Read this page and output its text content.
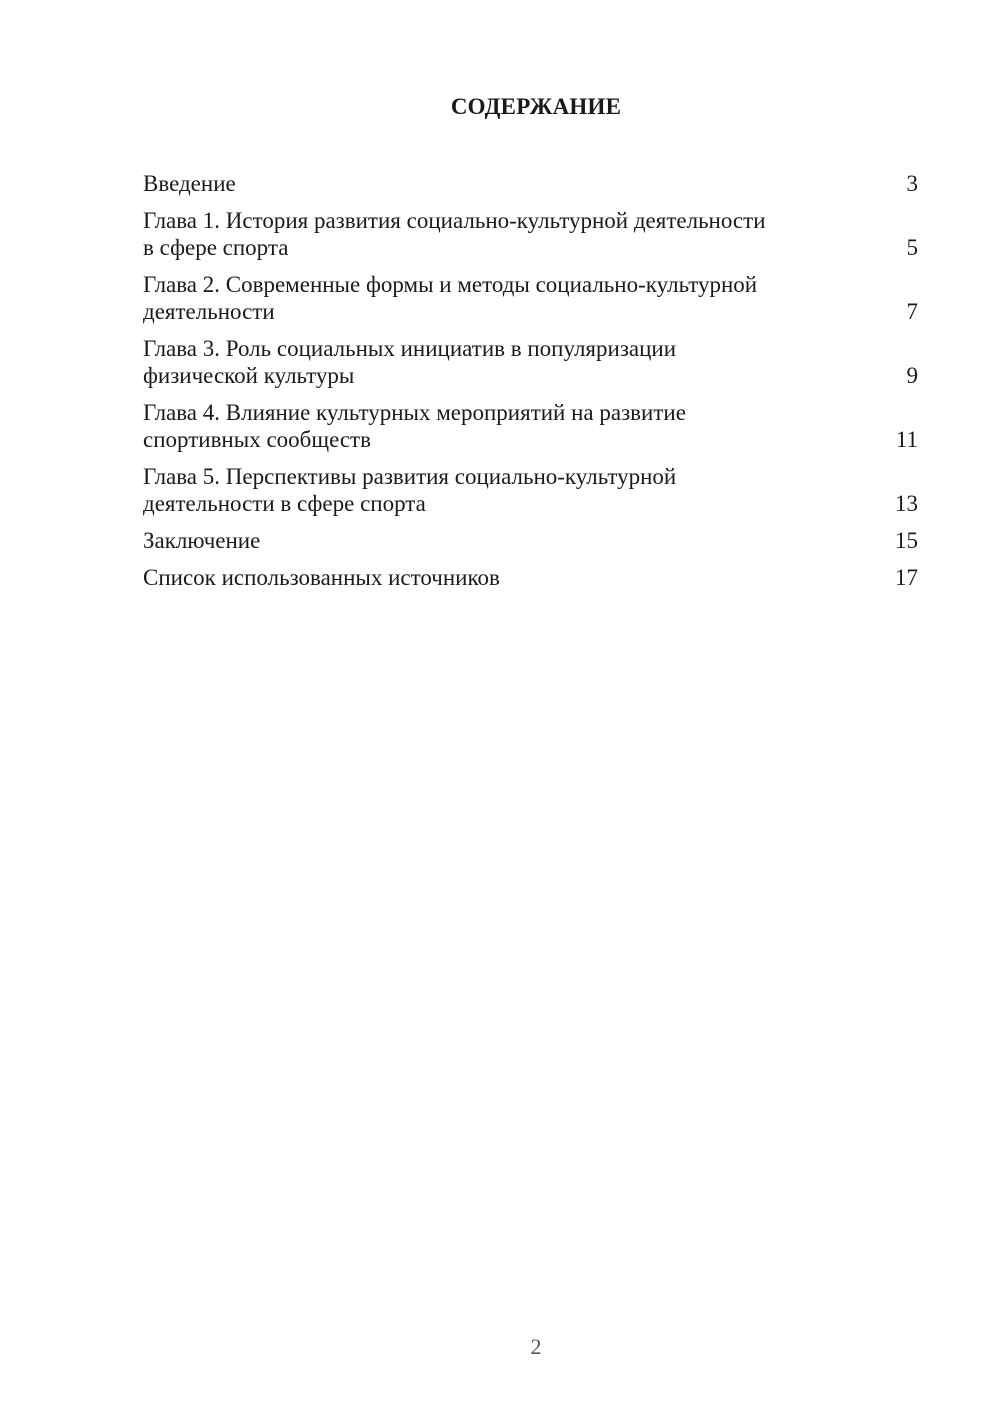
СОДЕРЖАНИЕ
Введение	3
Глава 1. История развития социально-культурной деятельности
в сфере спорта	5
Глава 2. Современные формы и методы социально-культурной
деятельности	7
Глава 3. Роль социальных инициатив в популяризации
физической культуры	9
Глава 4. Влияние культурных мероприятий на развитие
спортивных сообществ	11
Глава 5. Перспективы развития социально-культурной
деятельности в сфере спорта	13
Заключение	15
Список использованных источников	17
2
